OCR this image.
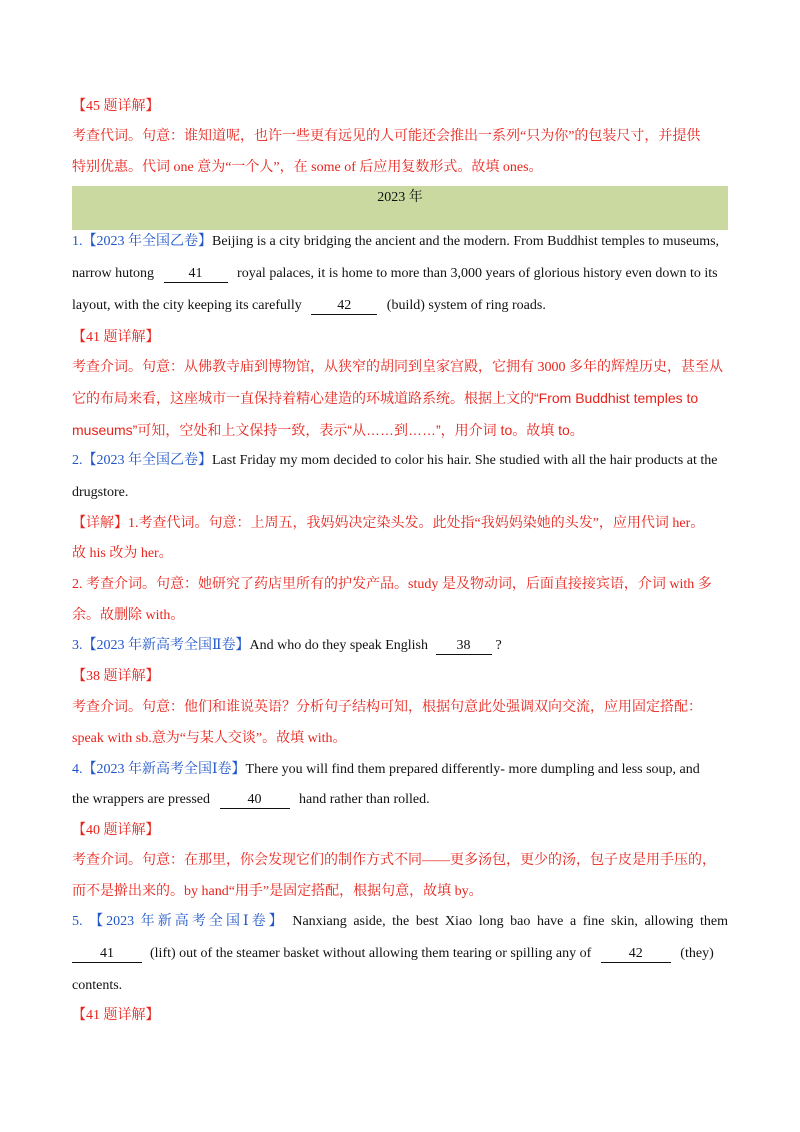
【45 题详解】
考查代词。句意：谁知道呢，也许一些更有远见的人可能还会推出一系列“只为你”的包装尺寸，并提供
特别优惠。代词 one 意为“一个人”，在 some of 后应用复数形式。故填 ones。
2023 年
1.【2023 年全国乙卷】Beijing is a city bridging the ancient and the modern. From Buddhist temples to museums,
narrow hutong 41 royal palaces, it is home to more than 3,000 years of glorious history even down to its
layout, with the city keeping its carefully	42	(build) system of ring roads.
【41 题详解】
考查介词。句意：从佛教寺庙到博物馆，从狭窄的胡同到皇家宫殿，它拥有 3000 多年的辉煌历史，甚至从
它的布局来看，这座城市一直保持着精心建造的环城道路系统。根据上文的“From Buddhist temples to
museums”可知，空处和上文保持一致，表示“从……到……”，用介词 to。故填 to。
2.【2023 年全国乙卷】Last Friday my mom decided to color his hair. She studied with all the hair products at the
drugstore.
【详解】1.考查代词。句意：上周五，我妈妈决定染头发。此处指“我妈妈染她的头发”，应用代词 her。
故 his 改为 her。
2. 考查介词。句意：她研究了药店里所有的护发产品。study 是及物动词，后面直接接宾语，介词 with 多
余。故删除 with。
3.【2023 年新高考全国Ⅱ卷】And who do they speak English 38 ?
【38 题详解】
考查介词。句意：他们和谁说英语？分析句子结构可知，根据句意此处强调双向交流，应用固定搭配：
speak with sb.意为“与某人交谈”。故填 with。
4.【2023 年新高考全国Ⅰ卷】There you will find them prepared differently- more dumpling and less soup, and
the wrappers are pressed	40	hand rather than rolled.
【40 题详解】
考查介词。句意：在那里，你会发现它们的制作方式不同——更多汤包，更少的汤，包子皮是用手压的，
而不是擀出来的。by hand“用手”是固定搭配，根据句意，故填 by。
5. 【2023 年新高考全国Ⅰ卷】 Nanxiang aside, the best Xiao long bao have a fine skin, allowing them
41	(lift) out of the steamer basket without allowing them tearing or spilling any of	42	(they)
contents.
【41 题详解】
